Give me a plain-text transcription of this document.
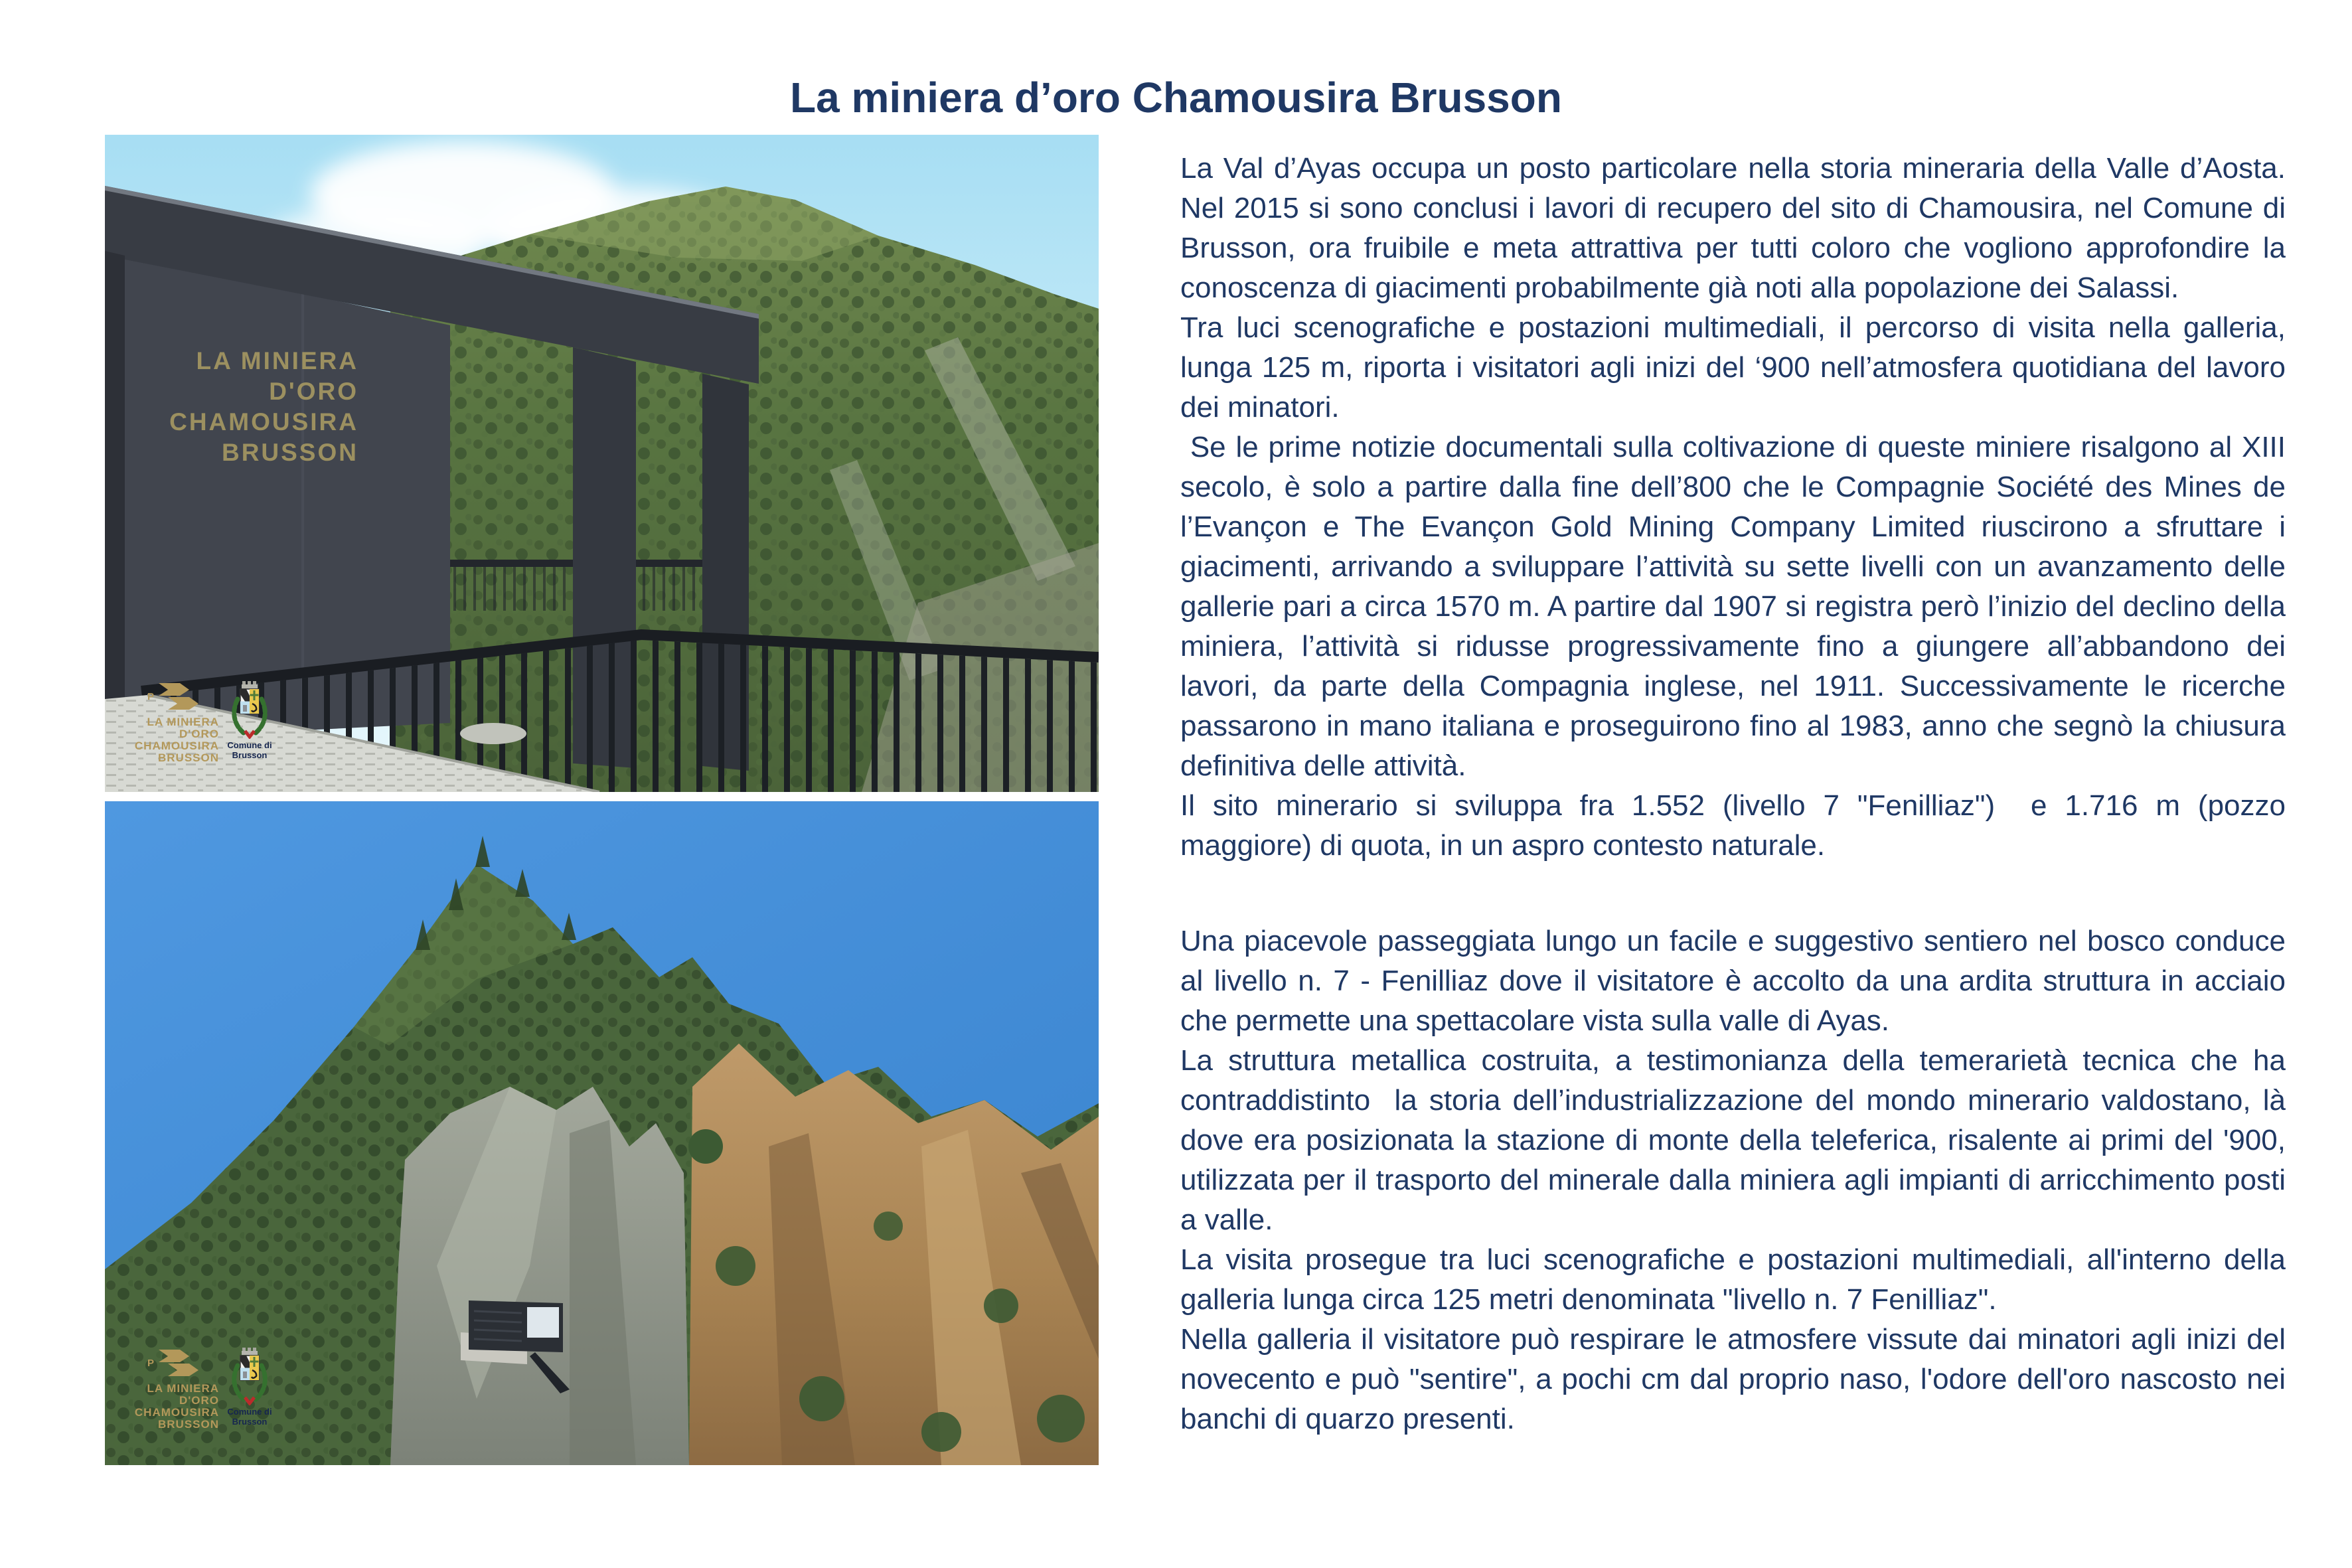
La miniera d’oro Chamousira Brusson
LA MINIERA
D'ORO
CHAMOUSIRA
BRUSSON
P
LA MINIERA
D'ORO
CHAMOUSIRA
BRUSSON
Comune di
Brusson
P
LA MINIERA
D'ORO
CHAMOUSIRA
BRUSSON
Comune di
Brusson

La Val d’Ayas occupa un posto particolare nella storia mineraria della Valle d’Aosta. Nel 2015 si sono conclusi i lavori di recupero del sito di Chamousira, nel Comune di Brusson, ora fruibile e meta attrattiva per tutti coloro che vogliono approfondire la conoscenza di giacimenti probabilmente già noti alla popolazione dei Salassi.

Tra luci scenografiche e postazioni multimediali, il percorso di visita nella galleria, lunga 125 m, riporta i visitatori agli inizi del ‘900 nell’atmosfera quotidiana del lavoro dei minatori.

Se le prime notizie documentali sulla coltivazione di queste miniere risalgono al XIII secolo, è solo a partire dalla fine dell’800 che le Compagnie Société des Mines de l’Evançon e The Evançon Gold Mining Company Limited riuscirono a sfruttare i giacimenti, arrivando a sviluppare l’attività su sette livelli con un avanzamento delle gallerie pari a circa 1570 m. A partire dal 1907 si registra però l’inizio del declino della miniera, l’attività si ridusse progressivamente fino a giungere all’abbandono dei lavori, da parte della Compagnia inglese, nel 1911. Successivamente le ricerche passarono in mano italiana e proseguirono fino al 1983, anno che segnò la chiusura definitiva delle attività.

Il sito minerario si sviluppa fra 1.552 (livello 7 "Fenilliaz")  e 1.716 m (pozzo maggiore) di quota, in un aspro contesto naturale.

Una piacevole passeggiata lungo un facile e suggestivo sentiero nel bosco conduce al livello n. 7 - Fenilliaz dove il visitatore è accolto da una ardita struttura in acciaio che permette una spettacolare vista sulla valle di Ayas.

La struttura metallica costruita, a testimonianza della temerarietà tecnica che ha contraddistinto  la storia dell’industrializzazione del mondo minerario valdostano, là dove era posizionata la stazione di monte della teleferica, risalente ai primi del '900, utilizzata per il trasporto del minerale dalla miniera agli impianti di arricchimento posti a valle.

La visita prosegue tra luci scenografiche e postazioni multimediali, all'interno della galleria lunga circa 125 metri denominata "livello n. 7 Fenilliaz".

Nella galleria il visitatore può respirare le atmosfere vissute dai minatori agli inizi del novecento e può "sentire", a pochi cm dal proprio naso, l'odore dell'oro nascosto nei banchi di quarzo presenti.
